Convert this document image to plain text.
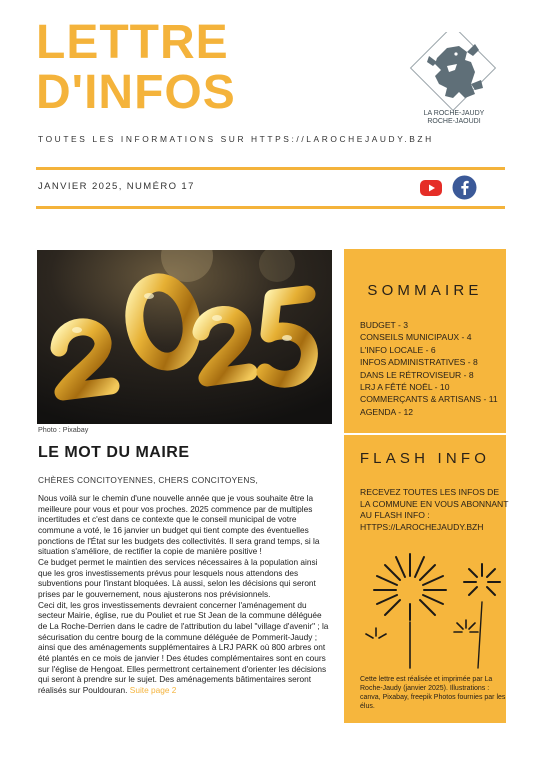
LETTRE
D'INFOS
TOUTES LES INFORMATIONS SUR HTTPS://LAROCHEJAUDY.BZH
LA ROCHE-JAUDY
ROCHE-JAOUDI
JANVIER 2025, NUMÉRO 17
Photo : Pixabay
SOMMAIRE
BUDGET - 3
CONSEILS MUNICIPAUX - 4
L'INFO LOCALE - 6
INFOS ADMINISTRATIVES - 8
DANS LE RÉTROVISEUR - 8
LRJ A FÊTÉ NOËL - 10
COMMERÇANTS & ARTISANS - 11
AGENDA - 12
FLASH INFO
RECEVEZ TOUTES LES INFOS DE LA COMMUNE EN VOUS ABONNANT AU FLASH INFO : HTTPS://LAROCHEJAUDY.BZH
Cette lettre est réalisée et imprimée par La Roche-Jaudy (janvier 2025). Illustrations : canva, Pixabay, freepik Photos fournies par les élus.
LE MOT DU MAIRE
CHÈRES CONCITOYENNES, CHERS CONCITOYENS,

Nous voilà sur le chemin d'une nouvelle année que je vous souhaite être la meilleure pour vous et pour vos proches. 2025 commence par de multiples incertitudes et c'est dans ce contexte que le conseil municipal de votre commune a voté, le 16 janvier un budget qui tient compte des éventuelles ponctions de l'État sur les budgets des collectivités. Il sera grand temps, si la situation s'améliore, de rectifier la copie de manière positive !

Ce budget permet le maintien des services nécessaires à la population ainsi que les gros investissements prévus pour lesquels nous attendons des subventions pour l'instant bloquées. Là aussi, selon les décisions qui seront prises par le gouvernement, nous ajusterons nos prévisionnels.

Ceci dit, les gros investissements devraient concerner l'aménagement du secteur Mairie, église, rue du Pouliet et rue St Jean de la commune déléguée de La Roche-Derrien dans le cadre de l'attribution du label "village d'avenir" ; la sécurisation du centre bourg de la commune déléguée de Pommerit-Jaudy ; ainsi que des aménagements supplémentaires à LRJ PARK où 800 arbres ont été plantés en ce mois de janvier ! Des études complémentaires sont en cours sur l'église de Hengoat. Elles permettront certainement d'orienter les décisions qui seront à prendre sur le sujet. Des aménagements bâtimentaires seront réalisés sur Pouldouran. Suite page 2
